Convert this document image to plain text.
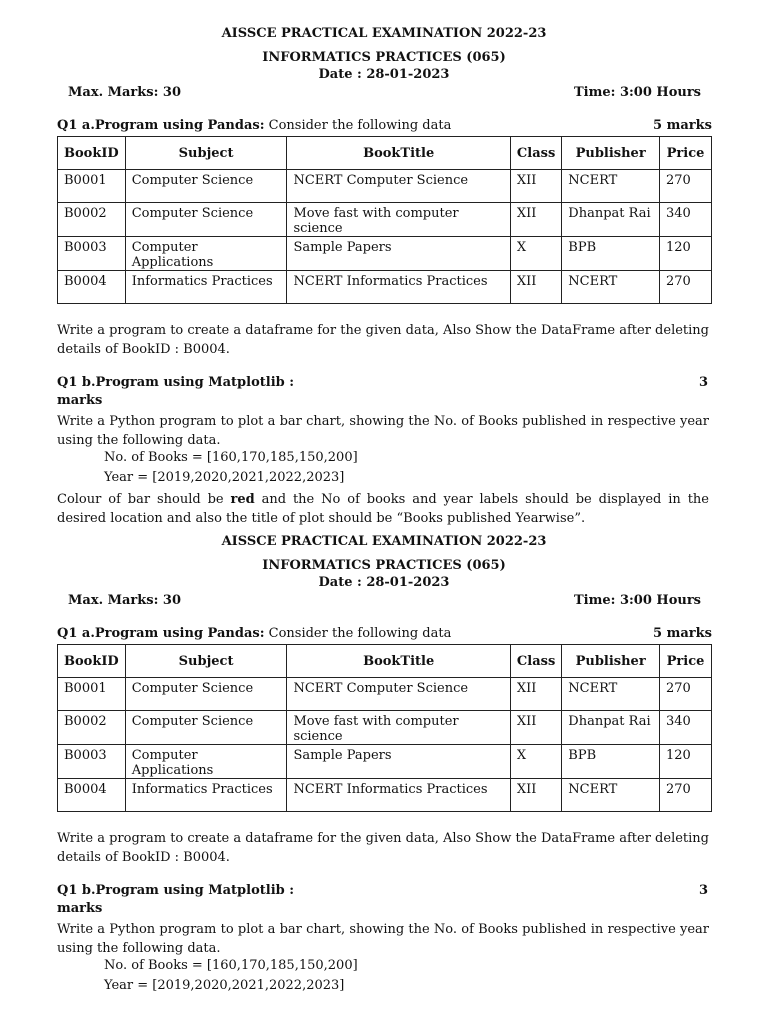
AISSCE PRACTICAL EXAMINATION 2022-23
INFORMATICS PRACTICES (065)
Date : 28-01-2023
Max. Marks: 30	Time: 3:00 Hours
Q1 a.Program using Pandas: Consider the following data	5 marks
BookID	Subject	BookTitle	Class	Publisher	Price
B0001	Computer Science	NCERT Computer Science	XII	NCERT	270
B0002	Computer Science	Move fast with computer science	XII	Dhanpat Rai	340
B0003	Computer Applications	Sample Papers	X	BPB	120
B0004	Informatics Practices	NCERT Informatics Practices	XII	NCERT	270
Write a program to create a dataframe for the given data, Also Show the DataFrame after deleting details of BookID : B0004.
Q1 b.Program using Matplotlib :	3
marks
Write a Python program to plot a bar chart, showing the No. of Books published in respective year using the following data.
No. of Books = [160,170,185,150,200]
Year = [2019,2020,2021,2022,2023]
Colour of bar should be red and the No of books and year labels should be displayed in the desired location and also the title of plot should be “Books published Yearwise”.
AISSCE PRACTICAL EXAMINATION 2022-23
INFORMATICS PRACTICES (065)
Date : 28-01-2023
Max. Marks: 30	Time: 3:00 Hours
Q1 a.Program using Pandas: Consider the following data	5 marks
BookID	Subject	BookTitle	Class	Publisher	Price
B0001	Computer Science	NCERT Computer Science	XII	NCERT	270
B0002	Computer Science	Move fast with computer science	XII	Dhanpat Rai	340
B0003	Computer Applications	Sample Papers	X	BPB	120
B0004	Informatics Practices	NCERT Informatics Practices	XII	NCERT	270
Write a program to create a dataframe for the given data, Also Show the DataFrame after deleting details of BookID : B0004.
Q1 b.Program using Matplotlib :	3
marks
Write a Python program to plot a bar chart, showing the No. of Books published in respective year using the following data.
No. of Books = [160,170,185,150,200]
Year = [2019,2020,2021,2022,2023]
